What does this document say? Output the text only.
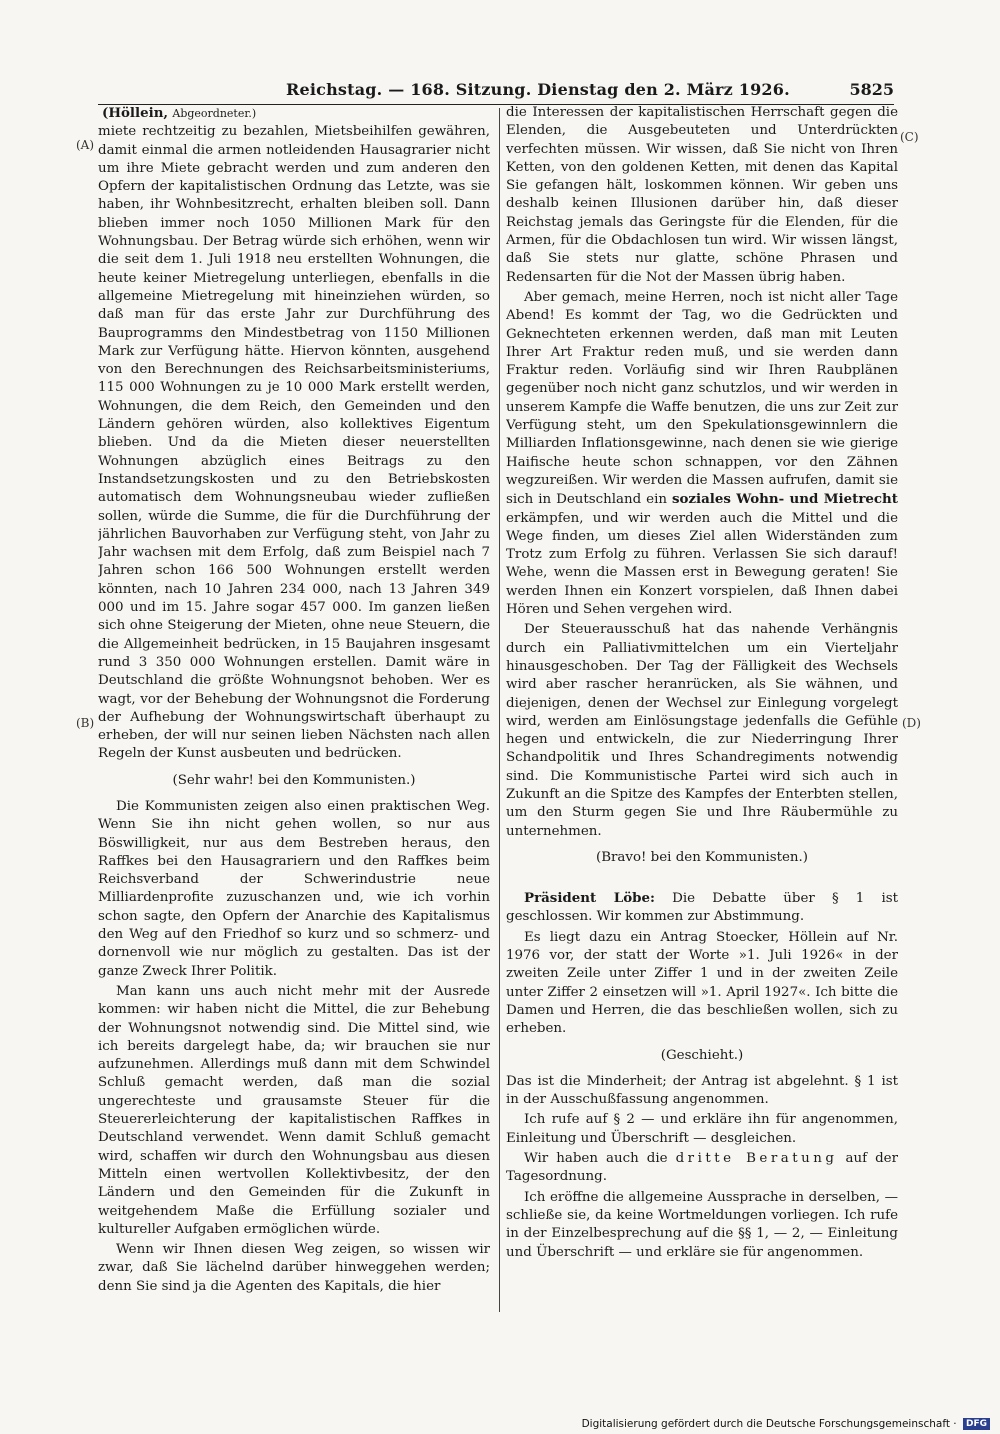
Reichstag. — 168. Sitzung. Dienstag den 2. März 1926.	5825
(A)
(B)
(C)
(D)
(Höllein, Abgeordneter.)

miete rechtzeitig zu bezahlen, Mietsbeihilfen gewähren, damit einmal die armen notleidenden Hausagrarier nicht um ihre Miete gebracht werden und zum anderen den Opfern der kapitalistischen Ordnung das Letzte, was sie haben, ihr Wohnbesitzrecht, erhalten bleiben soll. Dann blieben immer noch 1050 Millionen Mark für den Wohnungsbau. Der Betrag würde sich erhöhen, wenn wir die seit dem 1. Juli 1918 neu erstellten Wohnungen, die heute keiner Mietregelung unterliegen, ebenfalls in die allgemeine Mietregelung mit hineinziehen würden, so daß man für das erste Jahr zur Durchführung des Bauprogramms den Mindestbetrag von 1150 Millionen Mark zur Verfügung hätte. Hiervon könnten, ausgehend von den Berechnungen des Reichsarbeitsministeriums, 115 000 Wohnungen zu je 10 000 Mark erstellt werden, Wohnungen, die dem Reich, den Gemeinden und den Ländern gehören würden, also kollektives Eigentum blieben. Und da die Mieten dieser neuerstellten Wohnungen abzüglich eines Beitrags zu den Instandsetzungskosten und zu den Betriebskosten automatisch dem Wohnungsneubau wieder zufließen sollen, würde die Summe, die für die Durchführung der jährlichen Bauvorhaben zur Verfügung steht, von Jahr zu Jahr wachsen mit dem Erfolg, daß zum Beispiel nach 7 Jahren schon 166 500 Wohnungen erstellt werden könnten, nach 10 Jahren 234 000, nach 13 Jahren 349 000 und im 15. Jahre sogar 457 000. Im ganzen ließen sich ohne Steigerung der Mieten, ohne neue Steuern, die die Allgemeinheit bedrücken, in 15 Baujahren insgesamt rund 3 350 000 Wohnungen erstellen. Damit wäre in Deutschland die größte Wohnungsnot behoben. Wer es wagt, vor der Behebung der Wohnungsnot die Forderung der Aufhebung der Wohnungswirtschaft überhaupt zu erheben, der will nur seinen lieben Nächsten nach allen Regeln der Kunst ausbeuten und bedrücken.

(Sehr wahr! bei den Kommunisten.)

Die Kommunisten zeigen also einen praktischen Weg. Wenn Sie ihn nicht gehen wollen, so nur aus Böswilligkeit, nur aus dem Bestreben heraus, den Raffkes bei den Hausagrariern und den Raffkes beim Reichsverband der Schwerindustrie neue Milliardenprofite zuzuschanzen und, wie ich vorhin schon sagte, den Opfern der Anarchie des Kapitalismus den Weg auf den Friedhof so kurz und so schmerz- und dornenvoll wie nur möglich zu gestalten. Das ist der ganze Zweck Ihrer Politik.

Man kann uns auch nicht mehr mit der Ausrede kommen: wir haben nicht die Mittel, die zur Behebung der Wohnungsnot notwendig sind. Die Mittel sind, wie ich bereits dargelegt habe, da; wir brauchen sie nur aufzunehmen. Allerdings muß dann mit dem Schwindel Schluß gemacht werden, daß man die sozial ungerechteste und grausamste Steuer für die Steuererleichterung der kapitalistischen Raffkes in Deutschland verwendet. Wenn damit Schluß gemacht wird, schaffen wir durch den Wohnungsbau aus diesen Mitteln einen wertvollen Kollektivbesitz, der den Ländern und den Gemeinden für die Zukunft in weitgehendem Maße die Erfüllung sozialer und kultureller Aufgaben ermöglichen würde.

Wenn wir Ihnen diesen Weg zeigen, so wissen wir zwar, daß Sie lächelnd darüber hinweggehen werden; denn Sie sind ja die Agenten des Kapitals, die hier

die Interessen der kapitalistischen Herrschaft gegen die Elenden, die Ausgebeuteten und Unterdrückten verfechten müssen. Wir wissen, daß Sie nicht von Ihren Ketten, von den goldenen Ketten, mit denen das Kapital Sie gefangen hält, loskommen können. Wir geben uns deshalb keinen Illusionen darüber hin, daß dieser Reichstag jemals das Geringste für die Elenden, für die Armen, für die Obdachlosen tun wird. Wir wissen längst, daß Sie stets nur glatte, schöne Phrasen und Redensarten für die Not der Massen übrig haben.

Aber gemach, meine Herren, noch ist nicht aller Tage Abend! Es kommt der Tag, wo die Gedrückten und Geknechteten erkennen werden, daß man mit Leuten Ihrer Art Fraktur reden muß, und sie werden dann Fraktur reden. Vorläufig sind wir Ihren Raubplänen gegenüber noch nicht ganz schutzlos, und wir werden in unserem Kampfe die Waffe benutzen, die uns zur Zeit zur Verfügung steht, um den Spekulationsgewinnlern die Milliarden Inflationsgewinne, nach denen sie wie gierige Haifische heute schon schnappen, vor den Zähnen wegzureißen. Wir werden die Massen aufrufen, damit sie sich in Deutschland ein soziales Wohn- und Mietrecht erkämpfen, und wir werden auch die Mittel und die Wege finden, um dieses Ziel allen Widerständen zum Trotz zum Erfolg zu führen. Verlassen Sie sich darauf! Wehe, wenn die Massen erst in Bewegung geraten! Sie werden Ihnen ein Konzert vorspielen, daß Ihnen dabei Hören und Sehen vergehen wird.

Der Steuerausschuß hat das nahende Verhängnis durch ein Palliativmittelchen um ein Vierteljahr hinausgeschoben. Der Tag der Fälligkeit des Wechsels wird aber rascher heranrücken, als Sie wähnen, und diejenigen, denen der Wechsel zur Einlegung vorgelegt wird, werden am Einlösungstage jedenfalls die Gefühle hegen und entwickeln, die zur Niederringung Ihrer Schandpolitik und Ihres Schandregiments notwendig sind. Die Kommunistische Partei wird sich auch in Zukunft an die Spitze des Kampfes der Enterbten stellen, um den Sturm gegen Sie und Ihre Räubermühle zu unternehmen.

(Bravo! bei den Kommunisten.)

Präsident Löbe: Die Debatte über § 1 ist geschlossen. Wir kommen zur Abstimmung.

Es liegt dazu ein Antrag Stoecker, Höllein auf Nr. 1976 vor, der statt der Worte »1. Juli 1926« in der zweiten Zeile unter Ziffer 1 und in der zweiten Zeile unter Ziffer 2 einsetzen will »1. April 1927«. Ich bitte die Damen und Herren, die das beschließen wollen, sich zu erheben.

(Geschieht.)

Das ist die Minderheit; der Antrag ist abgelehnt. § 1 ist in der Ausschußfassung angenommen.

Ich rufe auf § 2 — und erkläre ihn für angenommen, Einleitung und Überschrift — desgleichen.

Wir haben auch die dritte Beratung auf der Tagesordnung.

Ich eröffne die allgemeine Aussprache in derselben, — schließe sie, da keine Wortmeldungen vorliegen. Ich rufe in der Einzelbesprechung auf die §§ 1, — 2, — Einleitung und Überschrift — und erkläre sie für angenommen.

Digitalisierung gefördert durch die Deutsche Forschungsgemeinschaft · DFG
